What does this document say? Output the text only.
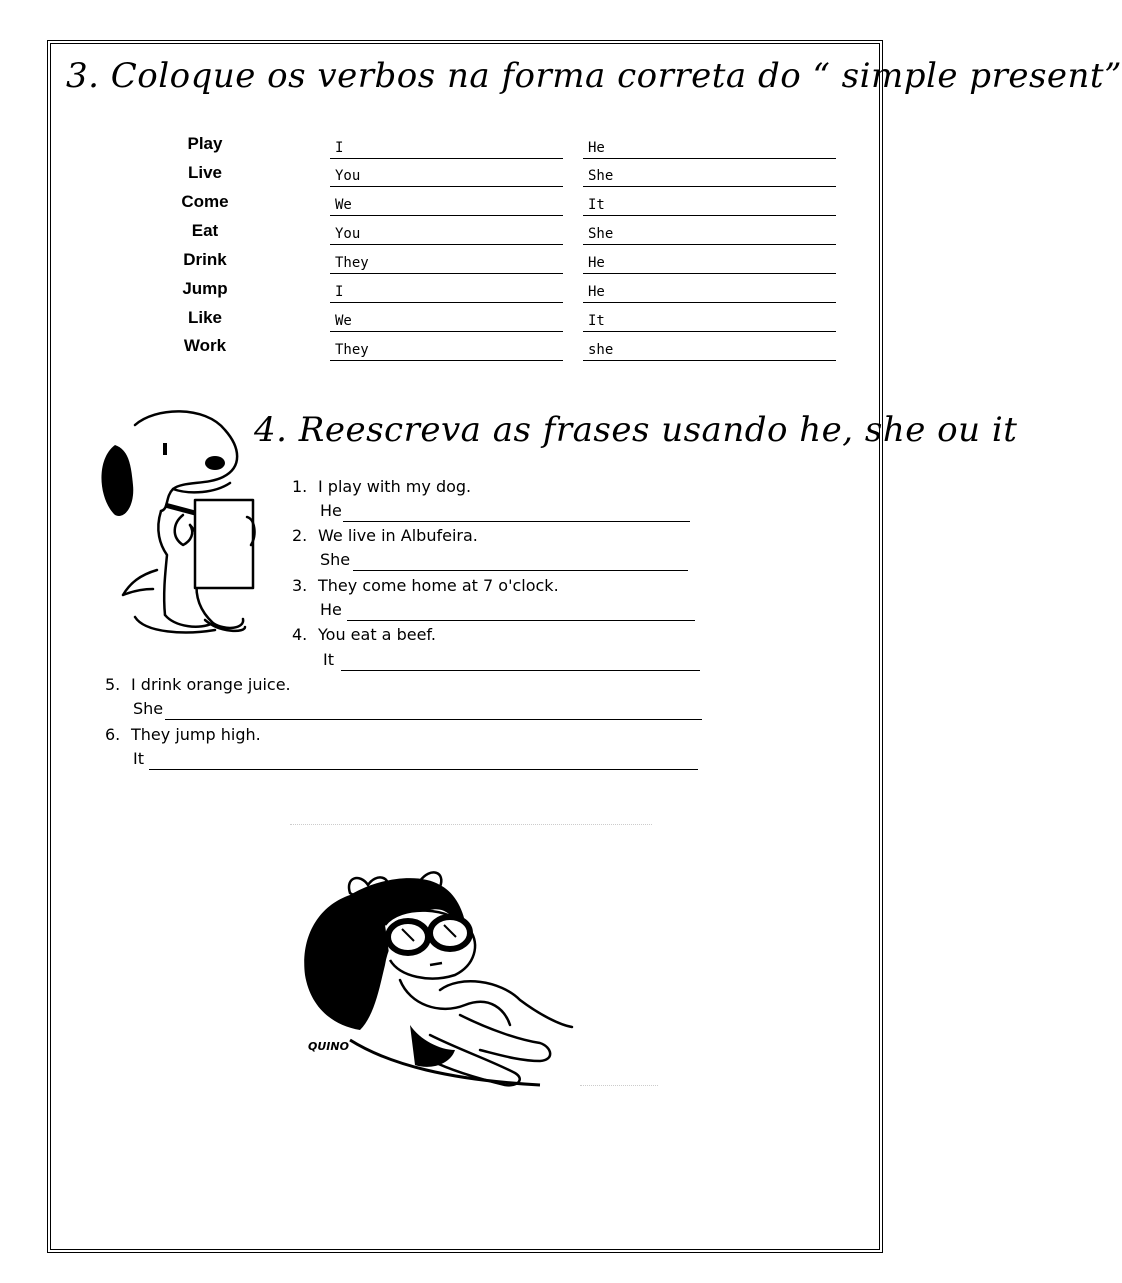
3. Coloque os verbos na forma correta do “ simple present”
Play	I	He
Live	You	She
Come	We	It
Eat	You	She
Drink	They	He
Jump	I	He
Like	We	It
Work	They	she
4. Reescreva as frases usando he, she ou it
1. I play with my dog.
He
2. We live in Albufeira.
She
3. They come home at 7 o'clock.
He
4. You eat a beef.
It
5. I drink orange juice.
She
6. They jump high.
It
QUINO
